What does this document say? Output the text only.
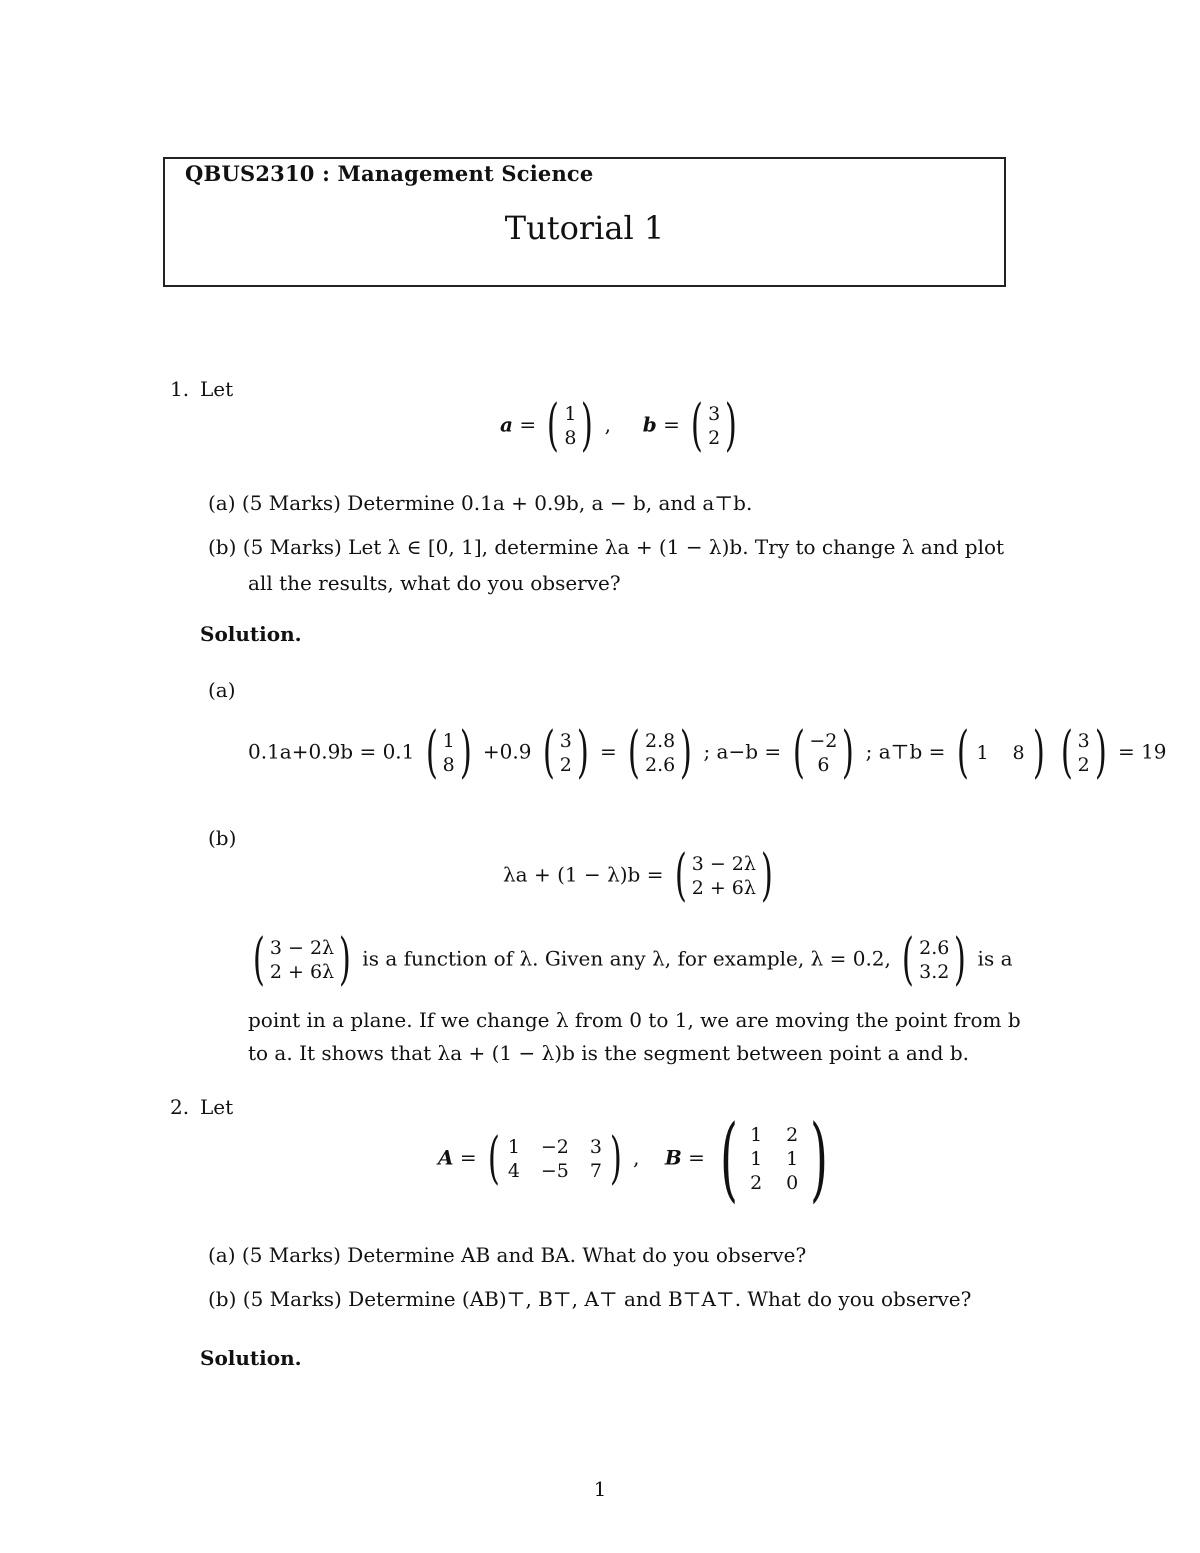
QBUS2310 : Management Science
Tutorial 1
1. Let
a = ( 1
8 ) ,     b = ( 3
2 )
(a) (5 Marks) Determine 0.1a + 0.9b, a − b, and a⊤b.
(b) (5 Marks) Let λ ∈ [0, 1], determine λa + (1 − λ)b. Try to change λ and plot
all the results, what do you observe?
Solution.
(a)
0.1a+0.9b = 0.1 ( 1
8 ) +0.9 ( 3
2 ) = ( 2.8
2.6 ) ; a−b = ( −2
6 ) ; a⊤b = ( 1 8 )
( 3
2 ) = 19
(b)
λa + (1 − λ)b = ( 3 − 2λ
2 + 6λ )
( 3 − 2λ
2 + 6λ ) is a function of λ. Given any λ, for example, λ = 0.2, ( 2.6
3.2 ) is a
point in a plane. If we change λ from 0 to 1, we are moving the point from b
to a. It shows that λa + (1 − λ)b is the segment between point a and b.
2. Let
A = ( 1 −2 3
4 −5 7 ) ,    B = ( 1 2
1 1
2 0 )
(a) (5 Marks) Determine AB and BA. What do you observe?
(b) (5 Marks) Determine (AB)⊤, B⊤, A⊤ and B⊤A⊤. What do you observe?
Solution.
1
